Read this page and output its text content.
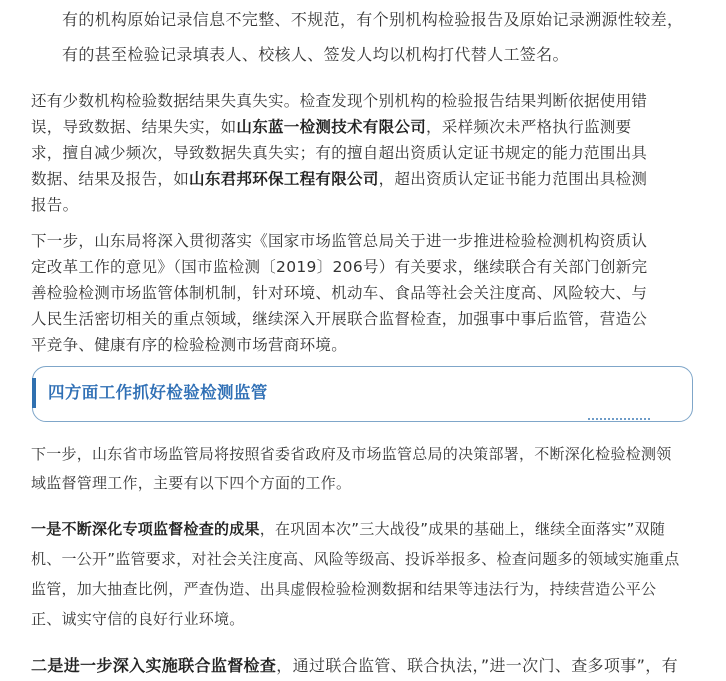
有的机构原始记录信息不完整、不规范，有个别机构检验报告及原始记录溯源性较差，
有的甚至检验记录填表人、校核人、签发人均以机构打代替人工签名。
还有少数机构检验数据结果失真失实。检查发现个别机构的检验报告结果判断依据使用错
误，导致数据、结果失实，如山东蓝一检测技术有限公司，采样频次未严格执行监测要
求，擅自减少频次，导致数据失真失实；有的擅自超出资质认定证书规定的能力范围出具
数据、结果及报告，如山东君邦环保工程有限公司，超出资质认定证书能力范围出具检测
报告。
下一步，山东局将深入贯彻落实《国家市场监管总局关于进一步推进检验检测机构资质认
定改革工作的意见》（国市监检测〔2019〕206号）有关要求，继续联合有关部门创新完
善检验检测市场监管体制机制，针对环境、机动车、食品等社会关注度高、风险较大、与
人民生活密切相关的重点领域，继续深入开展联合监督检查，加强事中事后监管，营造公
平竞争、健康有序的检验检测市场营商环境。
四方面工作抓好检验检测监管
下一步，山东省市场监管局将按照省委省政府及市场监管总局的决策部署，不断深化检验检测领
域监督管理工作，主要有以下四个方面的工作。
一是不断深化专项监督检查的成果，在巩固本次”三大战役”成果的基础上，继续全面落实”双随
机、一公开”监管要求，对社会关注度高、风险等级高、投诉举报多、检查问题多的领域实施重点
监管，加大抽查比例，严查伪造、出具虚假检验检测数据和结果等违法行为，持续营造公平公
正、诚实守信的良好行业环境。
二是进一步深入实施联合监督检查，通过联合监管、联合执法，”进一次门、查多项事”，有
